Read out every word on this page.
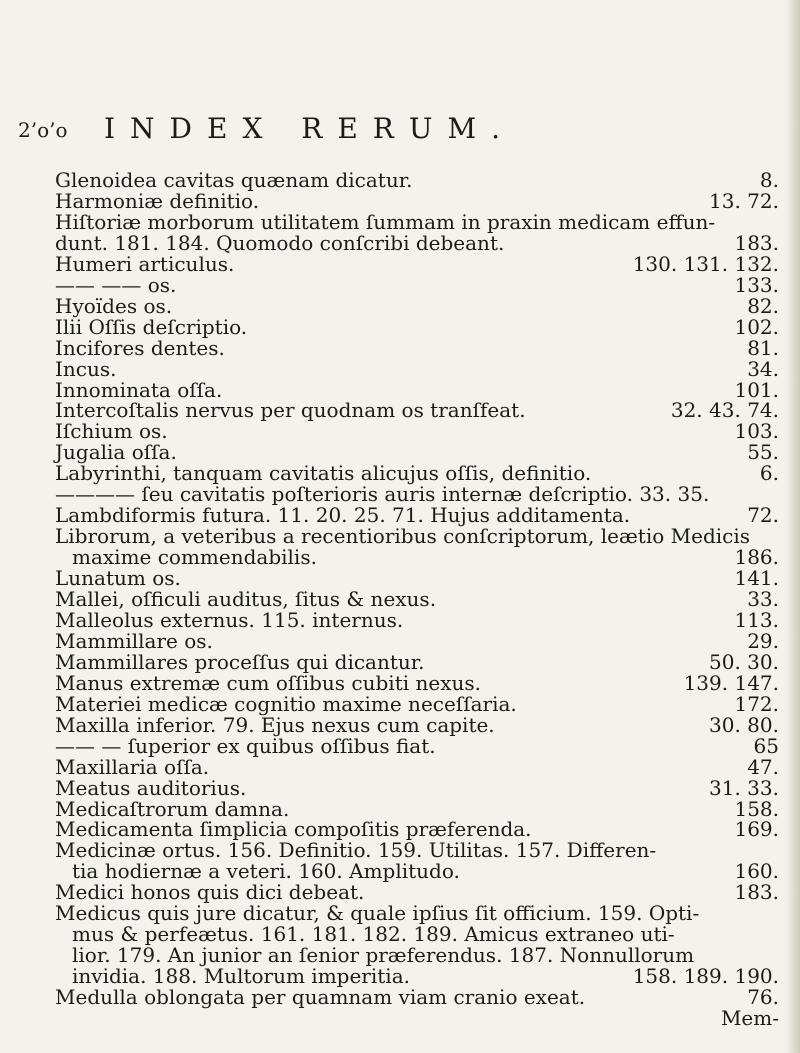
2’o’o INDEX RERUM.
Glenoidea cavitas quænam dicatur.	8.
Harmoniæ definitio.	13. 72.
Hiſtoriæ morborum utilitatem ſummam in praxin medicam effun-
dunt. 181. 184. Quomodo conſcribi debeant.	183.
Humeri articulus.	130. 131. 132.
—— —— os.	133.
Hyoïdes os.	82.
Ilii Oſſis deſcriptio.	102.
Incifores dentes.	81.
Incus.	34.
Innominata oſſa.	101.
Intercoſtalis nervus per quodnam os tranſfeat.	32. 43. 74.
Iſchium os.	103.
Jugalia oſſa.	55.
Labyrinthi, tanquam cavitatis alicujus oſſis, definitio.	6.
———— ſeu cavitatis poſterioris auris internæ deſcriptio. 33. 35.
Lambdiformis futura. 11. 20. 25. 71. Hujus additamenta.	72.
Librorum, a veteribus a recentioribus conſcriptorum, leætio Medicis
maxime commendabilis.	186.
Lunatum os.	141.
Mallei, oſficuli auditus, ſitus & nexus.	33.
Malleolus externus. 115. internus.	113.
Mammillare os.	29.
Mammillares proceſſus qui dicantur.	50. 30.
Manus extremæ cum oſſibus cubiti nexus.	139. 147.
Materiei medicæ cognitio maxime neceſſaria.	172.
Maxilla inferior. 79. Ejus nexus cum capite.	30. 80.
—— — ſuperior ex quibus oſſibus fiat.	65
Maxillaria oſſa.	47.
Meatus auditorius.	31. 33.
Medicaſtrorum damna.	158.
Medicamenta ſimplicia compoſitis præferenda.	169.
Medicinæ ortus. 156. Definitio. 159. Utilitas. 157. Differen-
tia hodiernæ a veteri. 160. Amplitudo.	160.
Medici honos quis dici debeat.	183.
Medicus quis jure dicatur, & quale ipſius ſit officium. 159. Opti-
mus & perfeætus. 161. 181. 182. 189. Amicus extraneo uti-
lior. 179. An junior an ſenior præferendus. 187. Nonnullorum
invidia. 188. Multorum imperitia.	158. 189. 190.
Medulla oblongata per quamnam viam cranio exeat.	76.
Mem-
